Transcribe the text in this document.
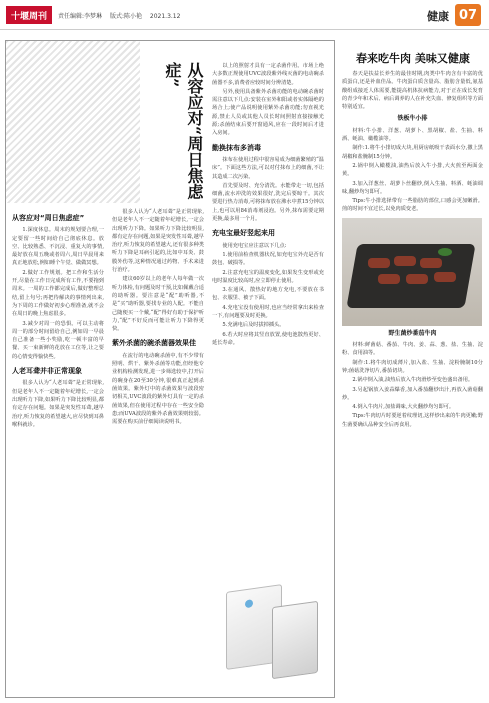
十堰周刊	责任编辑:李梦琳 版式:陈小艳 2021.3.12	健康 07
从容应对“周日焦虑症”
从容应对“周日焦虑症”

1.深度休息。周末的规划要合理,一定要留一些时间给自己彻底休息。放空、比较熟悉、不沉浸、重复大的事情,最好放在周五晚或者周六,周日早晨用来真正地放松,例如睡个午觉、做做冥想。

2.做好工作规划。把工作和生活分开,尽量在工作日完成所有工作,不要拖到周末。一周的工作都完成后,做好整理总结,留上句号;再把待解决的事情列出来,为下周的工作做好初步心理准备,就不会在周日的晚上焦虑很多。

3.减少对周一的恐惧。可以主动将周一的部分时间留给自己,例如周一早晨自己准备一些小奖励,吃一顿丰富的早餐、买一束新鲜的花放在工位等,让之要的心情变得愉快些。

人老耳聋并非正常现象

很多人认为“人老耳聋”是正常现象,但是老年人不一定随着年纪增长,一定会出现听力下降,如果听力下降比较明显,都有定存在问题。如果是突发性耳聋,越早治疗,听力恢复的希望越大,应尽快到耳鼻喉科就诊。

很多人认为“人老耳聋”是正常现象,但是老年人不一定随着年纪增长,一定会出现听力下降。如果听力下降比较明显,都有定存在问题,如果是突发性耳聋,越早治疗,听力恢复的希望越大,还有很多种类听力下降是耳病引起的,比如中耳炎、鼓膜外伤等,这种情况通过药物、手术来进行治疗。

建议60岁以上的老年人每年做一次听力体检,有问题及时干预,比如佩戴合适的助听器。要注意是“配”助听器,不是“买”助听器,要找专业的人配。不能自己随便买一个戴,“配”得好有助于保护听力,“配”不好反而可能让听力下降得更快。

紫外杀菌的碗杀菌器效果佳

在流行的电动碗杀菌中,有不少带有照明、烘干、紫外杀菌等功能,但经他专业机构检测发现,进一步筛选较中,打开后的碗身在20至30分钟,很难真正起到杀菌效果。紫外灯中的杀菌效果与波段密切相关,UVC波段的紫外灯具有一定的杀菌效果,但在使用过程中存在一些安全隐患;而UVA波段的紫外杀菌效果则较弱。需要在购买前仔细阅读说明书。

以上的照射才具有一定杀菌作用。市场上绝大多数正规使用UVC波段紫外线灭菌的电动碗杀菌器不多,消费者应较时间分辨清楚。

另外,使用具备紫外杀菌功能的电动碗杀菌时需注意以下几点:安装在室外和阳或者实体隔绝的场合上;使产品说明使用紫外杀菌功能;勿直视光源,禁止人员或其他人员长时间照射直接接触光源;杀菌结束后要开窗通风,应在一段时间后才进入房间。

勤换抹布多消毒

抹布在使用过程中很容易成为细菌繁殖的“温床”。下面这些方法,可以对付抹布上的细菌,不让其造成二次污染。

首先要及时、充分清洗。水能带走一切,包括细菌,流水冲洗的效果很好,洗完后要晾干。其次要进行热力消毒,可将抹布放在沸水中煮15分钟以上,也可以用84消毒剂浸泡。另外,抹布需要定期更换,最多用一个月。

充电宝最好竖起来用

使用充电宝应注意以下几点:

1.使用前检查机器状况,如充电宝外壳是否有鼓包、破损等。

2.注意充电宝的温度变化,如果发生变形或充电时温度比较高时,应立即停止使用。

3.在通风、散热好的地方充电,不要放在书包、衣服里、被子下面。

4.充电宝没有使用时,也应当经常拿出来检查一下,有问题要及时更换。

5.充满电后及时拔掉插头。

6.若大时应将其竖直放置,使电池散热更好、延长寿命。

春来吃牛肉 美味又健康

春天是扶益长养生的最佳时期,肉类中牛肉含有丰富的优质蛋白,还是补血佳品。牛肉蛋白质含量高、脂肪含量低,氨基酸组成接近人体需要,能提高机体抗病能力,对于正在成长发育的青少年和术后、病后调养的人在补充失血、修复组织等方面特别适宜。

铁板牛小排

材料:牛小排、洋葱、胡萝卜、黑胡椒、盐、生抽、料酒、蚝油、橄榄油等。

制作:1.将牛小排切成大块,用厨房纸吸干表面水分,撒上黑胡椒和盐腌制15分钟。

2.锅中倒入橄榄油,油热后放入牛小排,大火煎至两面金黄。

3.加入洋葱丝、胡萝卜丝翻炒,倒入生抽、料酒、蚝油调味,翻炒均匀即可。

Tips:牛小排选择带有一些脂肪的部位,口感会更加嫩滑。煎的时间不宜过长,以免肉质变老。

野生菌炒番茄牛肉

材料:鲜菌菇、番茄、牛肉、姜、蒜、葱、盐、生抽、淀粉、食用油等。

制作:1.将牛肉切成薄片,加入盐、生抽、淀粉腌制10分钟;菌菇洗净切片,番茄切块。

2.锅中倒入油,油热后放入牛肉滑炒至变色盛出备用。

3.另起锅放入姜蒜爆香,加入番茄翻炒出汁,再放入菌菇翻炒。

4.倒入牛肉片,加盐调味,大火翻炒均匀即可。

Tips:牛肉切片时要逆着纹理切,这样炒出来的牛肉更嫩;野生菌要确认品种安全后再食用。
